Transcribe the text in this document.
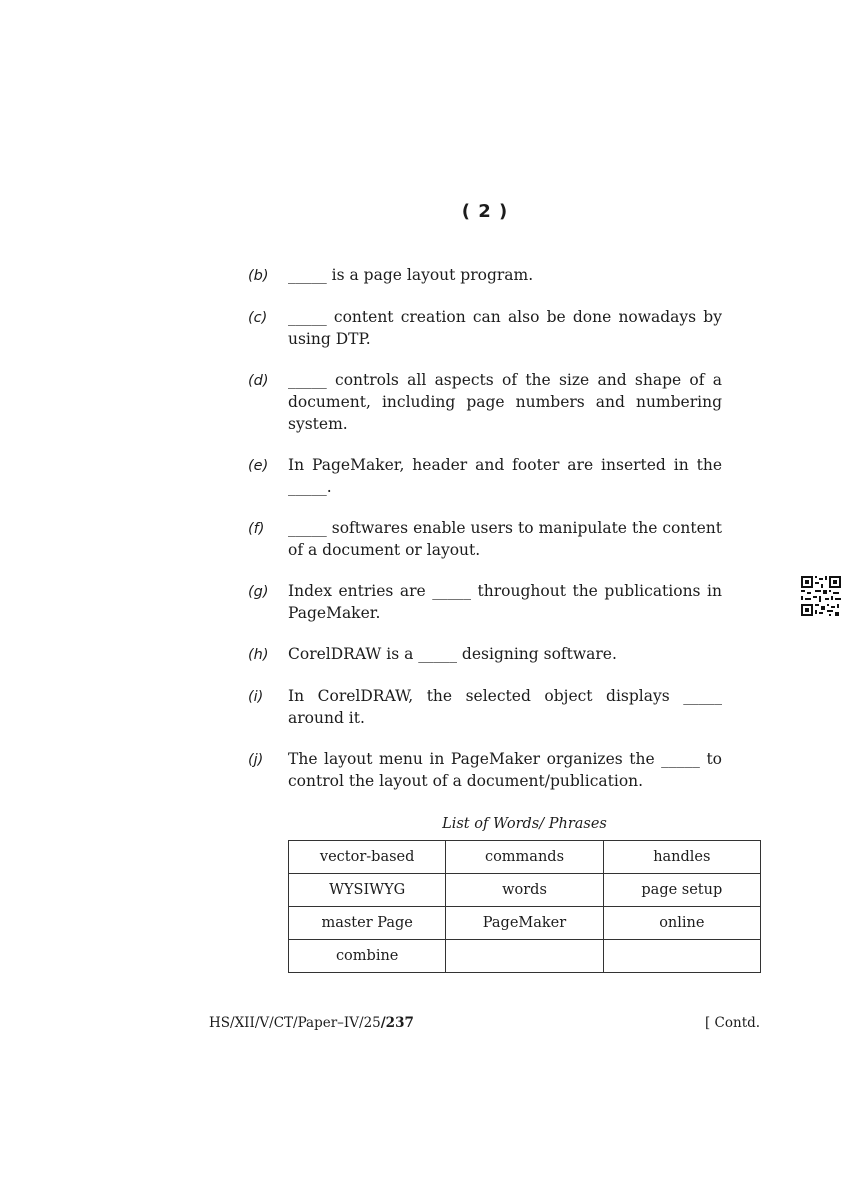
( 2 )
(b)	_____ is a page layout program.
(c)	_____ content creation can also be done nowadays by using DTP.
(d)	_____ controls all aspects of the size and shape of a document, including page numbers and numbering system.
(e)	In PageMaker, header and footer are inserted in the _____.
(f)	_____ softwares enable users to manipulate the content of a document or layout.
(g)	Index entries are _____ throughout the publications in PageMaker.
(h)	CorelDRAW is a _____ designing software.
(i)	In CorelDRAW, the selected object displays _____ around it.
(j)	The layout menu in PageMaker organizes the _____ to control the layout of a document/publication.
List of Words/ Phrases
vector-based	commands	handles
WYSIWYG	words	page setup
master Page	PageMaker	online
combine		
HS/XII/V/CT/Paper–IV/25/237	[ Contd.
